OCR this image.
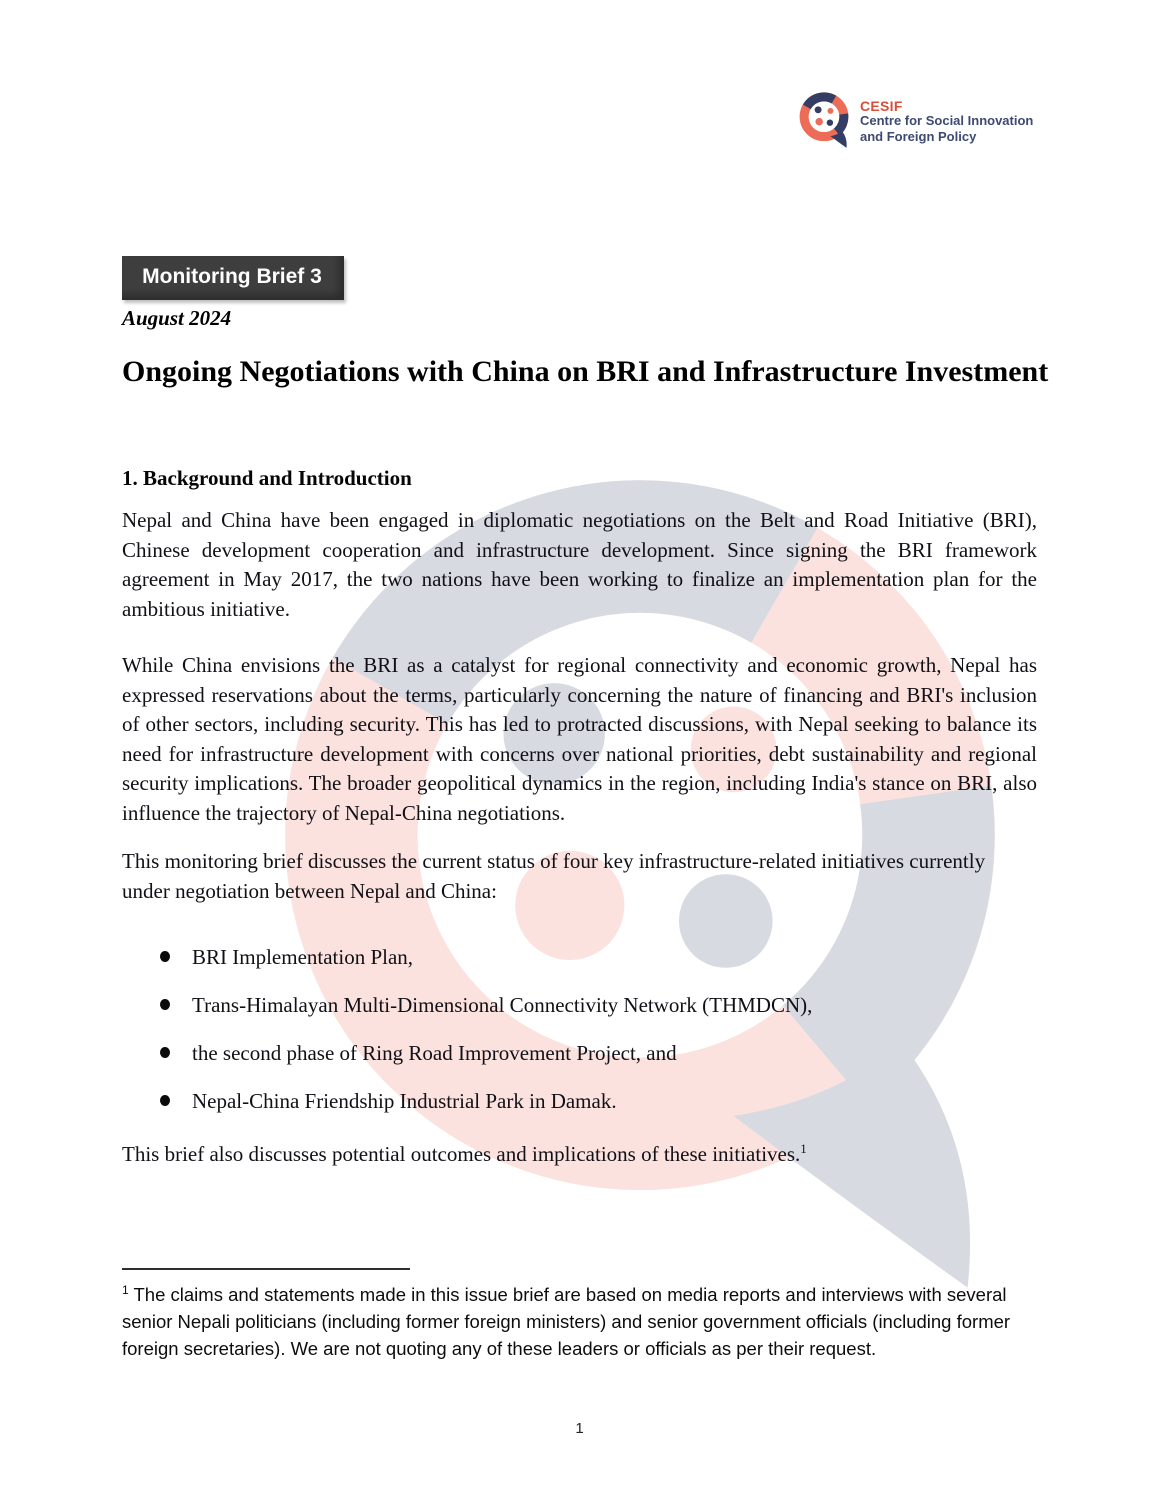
CESIF
Centre for Social Innovation
and Foreign Policy
Monitoring Brief 3
August 2024
Ongoing Negotiations with China on BRI and Infrastructure Investment
1. Background and Introduction

Nepal and China have been engaged in diplomatic negotiations on the Belt and Road Initiative (BRI), Chinese development cooperation and infrastructure development. Since signing the BRI framework agreement in May 2017, the two nations have been working to finalize an implementation plan for the ambitious initiative.

While China envisions the BRI as a catalyst for regional connectivity and economic growth, Nepal has expressed reservations about the terms, particularly concerning the nature of financing and BRI's inclusion of other sectors, including security. This has led to protracted discussions, with Nepal seeking to balance its need for infrastructure development with concerns over national priorities, debt sustainability and regional security implications. The broader geopolitical dynamics in the region, including India's stance on BRI, also influence the trajectory of Nepal-China negotiations.

This monitoring brief discusses the current status of four key infrastructure-related initiatives currently under negotiation between Nepal and China:

BRI Implementation Plan,
Trans-Himalayan Multi-Dimensional Connectivity Network (THMDCN),
the second phase of Ring Road Improvement Project, and
Nepal-China Friendship Industrial Park in Damak.

This brief also discusses potential outcomes and implications of these initiatives.$^1$

$^1$ The claims and statements made in this issue brief are based on media reports and interviews with several senior Nepali politicians (including former foreign ministers) and senior government officials (including former foreign secretaries). We are not quoting any of these leaders or officials as per their request.

1
